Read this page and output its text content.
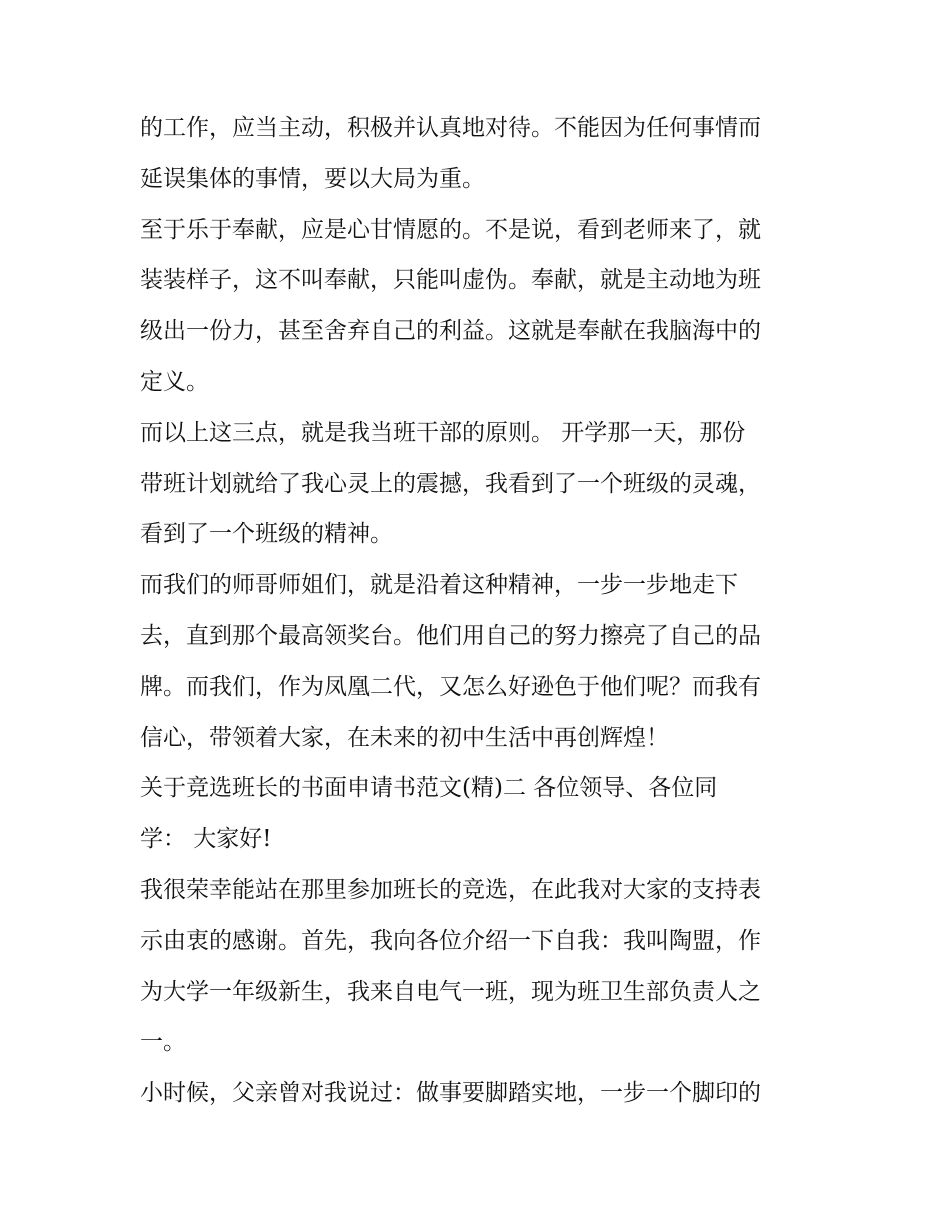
的工作，应当主动，积极并认真地对待。不能因为任何事情而
延误集体的事情，要以大局为重。
至于乐于奉献，应是心甘情愿的。不是说，看到老师来了，就
装装样子，这不叫奉献，只能叫虚伪。奉献，就是主动地为班
级出一份力，甚至舍弃自己的利益。这就是奉献在我脑海中的
定义。
而以上这三点，就是我当班干部的原则。 开学那一天，那份
带班计划就给了我心灵上的震撼，我看到了一个班级的灵魂，
看到了一个班级的精神。
而我们的师哥师姐们，就是沿着这种精神，一步一步地走下
去，直到那个最高领奖台。他们用自己的努力擦亮了自己的品
牌。而我们，作为凤凰二代，又怎么好逊色于他们呢？而我有
信心，带领着大家，在未来的初中生活中再创辉煌！
关于竞选班长的书面申请书范文(精)二 各位领导、各位同
学： 大家好!
我很荣幸能站在那里参加班长的竞选，在此我对大家的支持表
示由衷的感谢。首先，我向各位介绍一下自我：我叫陶盟，作
为大学一年级新生，我来自电气一班，现为班卫生部负责人之
一。
小时候，父亲曾对我说过：做事要脚踏实地，一步一个脚印的
